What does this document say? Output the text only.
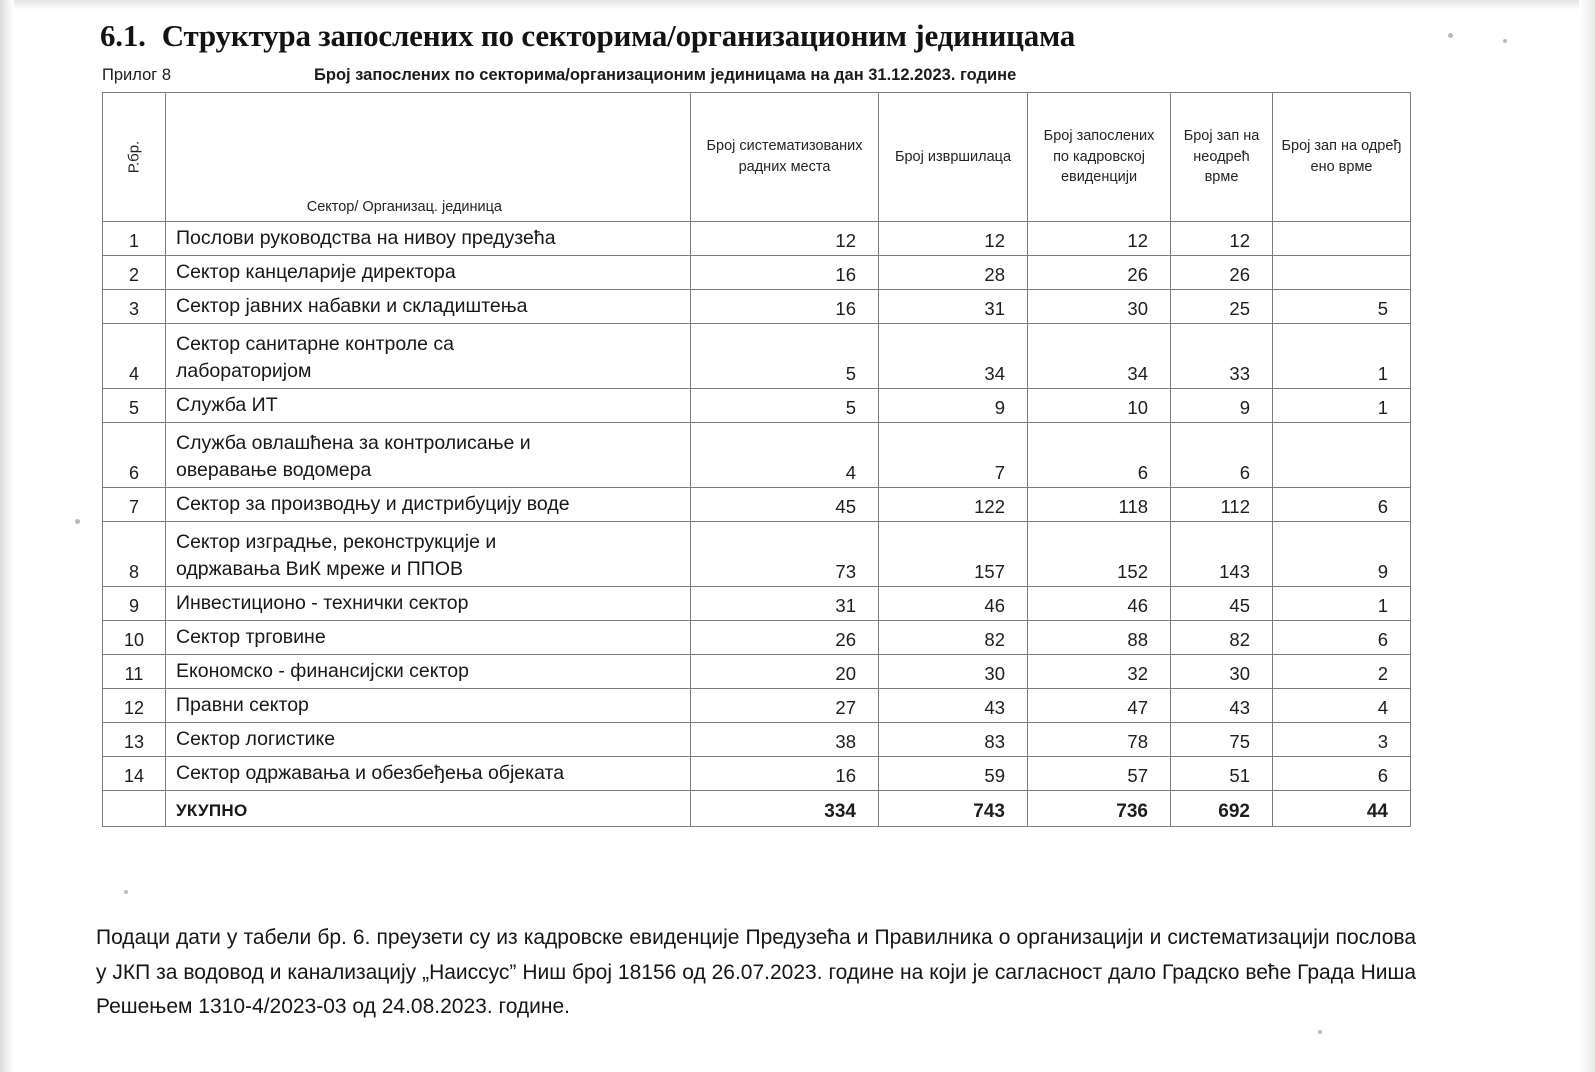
6.1. Структура запослених по секторима/организационим јединицама
Прилог 8	Број запослених по секторима/организационим јединицама на дан 31.12.2023. године
Р.бр.	Сектор/ Организац. јединица	Број систематизованих радних места	Број извршилаца	Број запослених по кадровској евиденцији	Број зап на неодрећ врме	Број зап на одређ ено врме

1	Послови руководства на нивоу предузећа	12	12	12	12	
2	Сектор канцеларије директора	16	28	26	26	
3	Сектор јавних набавки и складиштења	16	31	30	25	5
4	Сектор санитарне контроле са
лабораторијом	5	34	34	33	1
5	Служба ИТ	5	9	10	9	1
6	Служба овлашћена за контролисање и
оверавање водомера	4	7	6	6	
7	Сектор за производњу и дистрибуцију воде	45	122	118	112	6
8	Сектор изградње, реконструкције и
одржавања ВиК мреже и ППОВ	73	157	152	143	9
9	Инвестиционо - технички сектор	31	46	46	45	1
10	Сектор трговине	26	82	88	82	6
11	Економско - финансијски сектор	20	30	32	30	2
12	Правни сектор	27	43	47	43	4
13	Сектор логистике	38	83	78	75	3
14	Сектор одржавања и обезбеђења објеката	16	59	57	51	6
	УКУПНО	334	743	736	692	44

Подаци дати у табели бр. 6. преузети су из кадровске евиденције Предузећа и Правилника о организацији и систематизацији послова у ЈКП за водовод и канализацију „Наиссус” Ниш број 18156 од 26.07.2023. године на који је сагласност дало Градско веће Града Ниша Решењем 1310-4/2023-03 од 24.08.2023. године.
